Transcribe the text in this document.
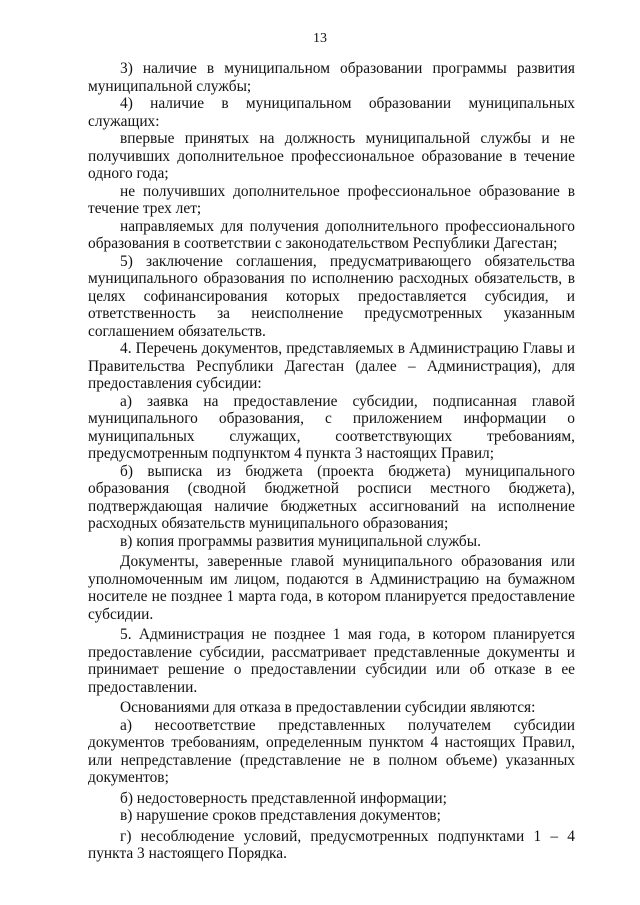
13

3) наличие в муниципальном образовании программы развития муниципальной службы;

4) наличие в муниципальном образовании муниципальных служащих:

впервые принятых на должность муниципальной службы и не получивших дополнительное профессиональное образование в течение одного года;

не получивших дополнительное профессиональное образование в течение трех лет;

направляемых для получения дополнительного профессионального образования в соответствии с законодательством Республики Дагестан;

5) заключение соглашения, предусматривающего обязательства муниципального образования по исполнению расходных обязательств, в целях софинансирования которых предоставляется субсидия, и ответственность за неисполнение предусмотренных указанным соглашением обязательств.

4. Перечень документов, представляемых в Администрацию Главы и Правительства Республики Дагестан (далее – Администрация), для предоставления субсидии:

а) заявка на предоставление субсидии, подписанная главой муниципального образования, с приложением информации о муниципальных служащих, соответствующих требованиям, предусмотренным подпунктом 4 пункта 3 настоящих Правил;

б) выписка из бюджета (проекта бюджета) муниципального образования (сводной бюджетной росписи местного бюджета), подтверждающая наличие бюджетных ассигнований на исполнение расходных обязательств муниципального образования;

в) копия программы развития муниципальной службы.

Документы, заверенные главой муниципального образования или уполномоченным им лицом, подаются в Администрацию на бумажном носителе не позднее 1 марта года, в котором планируется предоставление субсидии.

5. Администрация не позднее 1 мая года, в котором планируется предоставление субсидии, рассматривает представленные документы и принимает решение о предоставлении субсидии или об отказе в ее предоставлении.

Основаниями для отказа в предоставлении субсидии являются:

а) несоответствие представленных получателем субсидии документов требованиям, определенным пунктом 4 настоящих Правил, или непредставление (представление не в полном объеме) указанных документов;

б) недостоверность представленной информации;

в) нарушение сроков представления документов;

г) несоблюдение условий, предусмотренных подпунктами 1 – 4 пункта 3 настоящего Порядка.
